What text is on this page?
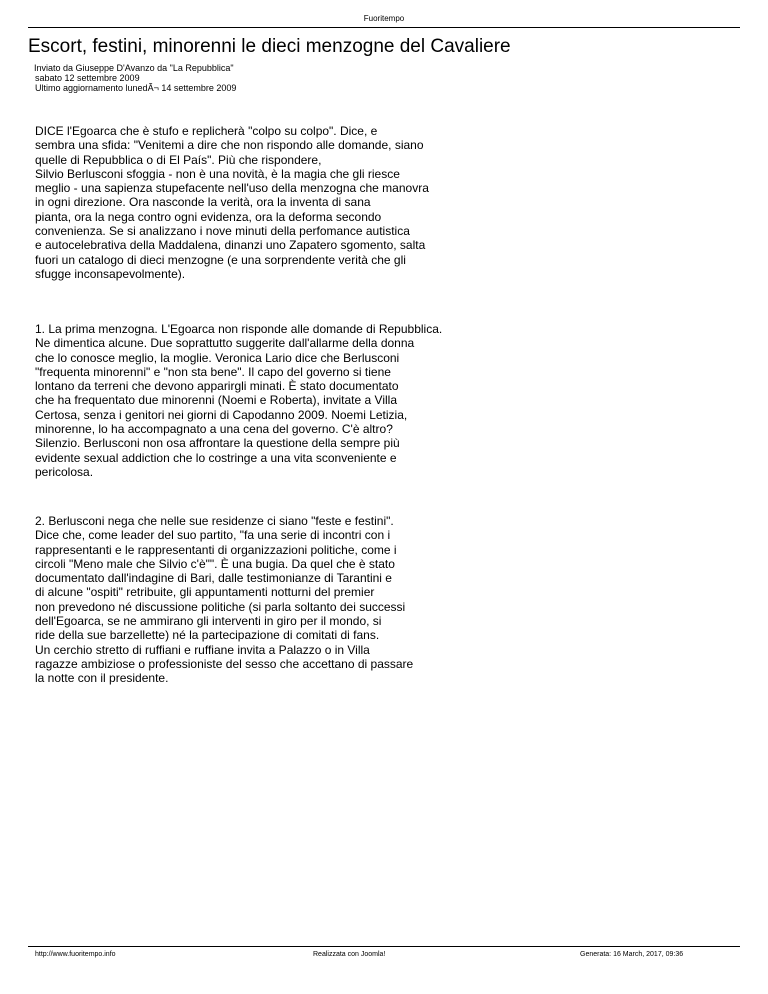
Fuoritempo
Escort, festini, minorenni le dieci menzogne del Cavaliere
Inviato da Giuseppe D'Avanzo da "La Repubblica"
sabato 12 settembre 2009
Ultimo aggiornamento lunedÃ¬ 14 settembre 2009

DICE l'Egoarca che è stufo e replicherà "colpo su colpo". Dice, e
sembra una sfida: "Venitemi a dire che non rispondo alle domande, siano
quelle di Repubblica o di El País". Più che rispondere,
Silvio Berlusconi sfoggia - non è una novità, è la magia che gli riesce
meglio - una sapienza stupefacente nell'uso della menzogna che manovra
in ogni direzione. Ora nasconde la verità, ora la inventa di sana
pianta, ora la nega contro ogni evidenza, ora la deforma secondo
convenienza. Se si analizzano i nove minuti della perfomance autistica
e autocelebrativa della Maddalena, dinanzi uno Zapatero sgomento, salta
fuori un catalogo di dieci menzogne (e una sorprendente verità che gli
sfugge inconsapevolmente).

1. La prima menzogna. L'Egoarca non risponde alle domande di Repubblica.
Ne dimentica alcune. Due soprattutto suggerite dall'allarme della donna
che lo conosce meglio, la moglie. Veronica Lario dice che Berlusconi
"frequenta minorenni" e "non sta bene". Il capo del governo si tiene
lontano da terreni che devono apparirgli minati. È stato documentato
che ha frequentato due minorenni (Noemi e Roberta), invitate a Villa
Certosa, senza i genitori nei giorni di Capodanno 2009. Noemi Letizia,
minorenne, lo ha accompagnato a una cena del governo. C'è altro?
Silenzio. Berlusconi non osa affrontare la questione della sempre più
evidente sexual addiction che lo costringe a una vita sconveniente e
pericolosa.

2. Berlusconi nega che nelle sue residenze ci siano "feste e festini".
Dice che, come leader del suo partito, "fa una serie di incontri con i
rappresentanti e le rappresentanti di organizzazioni politiche, come i
circoli "Meno male che Silvio c'è"". È una bugia. Da quel che è stato
documentato dall'indagine di Bari, dalle testimonianze di Tarantini e
di alcune "ospiti" retribuite, gli appuntamenti notturni del premier
non prevedono né discussione politiche (si parla soltanto dei successi
dell'Egoarca, se ne ammirano gli interventi in giro per il mondo, si
ride della sue barzellette) né la partecipazione di comitati di fans.
Un cerchio stretto di ruffiani e ruffiane invita a Palazzo o in Villa
ragazze ambiziose o professioniste del sesso che accettano di passare
la notte con il presidente.

http://www.fuoritempo.info	Realizzata con Joomla!	Generata: 16 March, 2017, 09:36
